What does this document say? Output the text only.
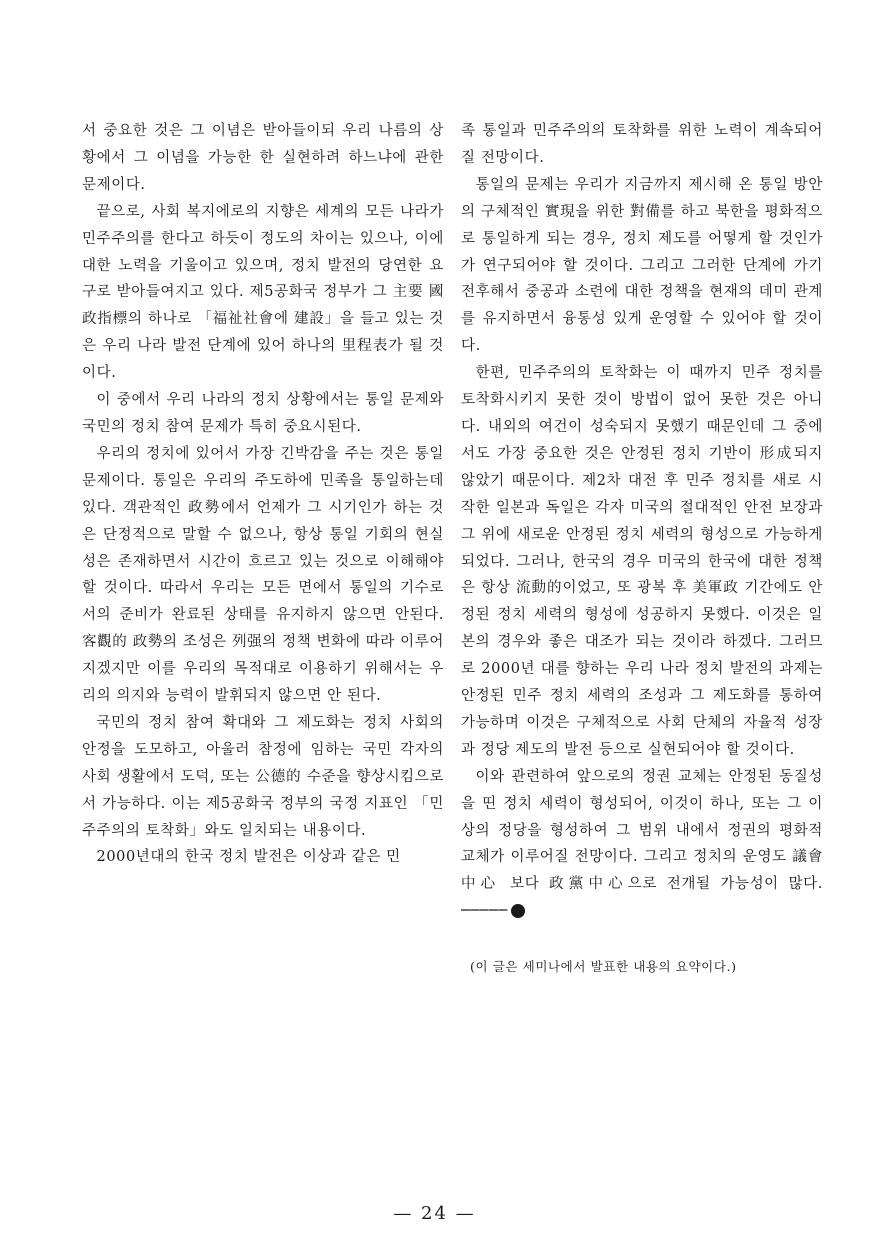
서 중요한 것은 그 이념은 받아들이되 우리 나름의 상황에서 그 이념을 가능한 한 실현하려 하느냐에 관한 문제이다.

끝으로, 사회 복지에로의 지향은 세계의 모든 나라가 민주주의를 한다고 하듯이 정도의 차이는 있으나, 이에 대한 노력을 기울이고 있으며, 정치 발전의 당연한 요구로 받아들여지고 있다. 제5공화국 정부가 그 主要 國政指標의 하나로 「福祉社會에 建設」을 들고 있는 것은 우리 나라 발전 단계에 있어 하나의 里程表가 될 것이다.

이 중에서 우리 나라의 정치 상황에서는 통일 문제와 국민의 정치 참여 문제가 특히 중요시된다.

우리의 정치에 있어서 가장 긴박감을 주는 것은 통일 문제이다. 통일은 우리의 주도하에 민족을 통일하는데 있다. 객관적인 政勢에서 언제가 그 시기인가 하는 것은 단정적으로 말할 수 없으나, 항상 통일 기회의 현실성은 존재하면서 시간이 흐르고 있는 것으로 이해해야 할 것이다. 따라서 우리는 모든 면에서 통일의 기수로서의 준비가 완료된 상태를 유지하지 않으면 안된다. 客觀的 政勢의 조성은 列强의 정책 변화에 따라 이루어지겠지만 이를 우리의 목적대로 이용하기 위해서는 우리의 의지와 능력이 발휘되지 않으면 안 된다.

국민의 정치 참여 확대와 그 제도화는 정치 사회의 안정을 도모하고, 아울러 참정에 임하는 국민 각자의 사회 생활에서 도덕, 또는 公德的 수준을 향상시킴으로서 가능하다. 이는 제5공화국 정부의 국정 지표인 「민주주의의 토착화」와도 일치되는 내용이다.

2000년대의 한국 정치 발전은 이상과 같은 민

족 통일과 민주주의의 토착화를 위한 노력이 계속되어질 전망이다.

통일의 문제는 우리가 지금까지 제시해 온 통일 방안의 구체적인 實現을 위한 對備를 하고 북한을 평화적으로 통일하게 되는 경우, 정치 제도를 어떻게 할 것인가가 연구되어야 할 것이다. 그리고 그러한 단계에 가기 전후해서 중공과 소련에 대한 정책을 현재의 데미 관계를 유지하면서 융통성 있게 운영할 수 있어야 할 것이다.

한편, 민주주의의 토착화는 이 때까지 민주 정치를 토착화시키지 못한 것이 방법이 없어 못한 것은 아니다. 내외의 여건이 성숙되지 못했기 때문인데 그 중에서도 가장 중요한 것은 안정된 정치 기반이 形成되지 않았기 때문이다. 제2차 대전 후 민주 정치를 새로 시작한 일본과 독일은 각자 미국의 절대적인 안전 보장과 그 위에 새로운 안정된 정치 세력의 형성으로 가능하게 되었다. 그러나, 한국의 경우 미국의 한국에 대한 정책은 항상 流動的이었고, 또 광복 후 美軍政 기간에도 안정된 정치 세력의 형성에 성공하지 못했다. 이것은 일본의 경우와 좋은 대조가 되는 것이라 하겠다. 그러므로 2000년 대를 향하는 우리 나라 정치 발전의 과제는 안정된 민주 정치 세력의 조성과 그 제도화를 통하여 가능하며 이것은 구체적으로 사회 단체의 자율적 성장과 정당 제도의 발전 등으로 실현되어야 할 것이다.

이와 관련하여 앞으로의 정권 교체는 안정된 동질성을 띤 정치 세력이 형성되어, 이것이 하나, 또는 그 이상의 정당을 형성하여 그 범위 내에서 정권의 평화적 교체가 이루어질 전망이다. 그리고 정치의 운영도 議會中心 보다 政黨中心으로 전개될 가능성이 많다. ─────

(이 글은 세미나에서 발표한 내용의 요약이다.)
— 24 —
